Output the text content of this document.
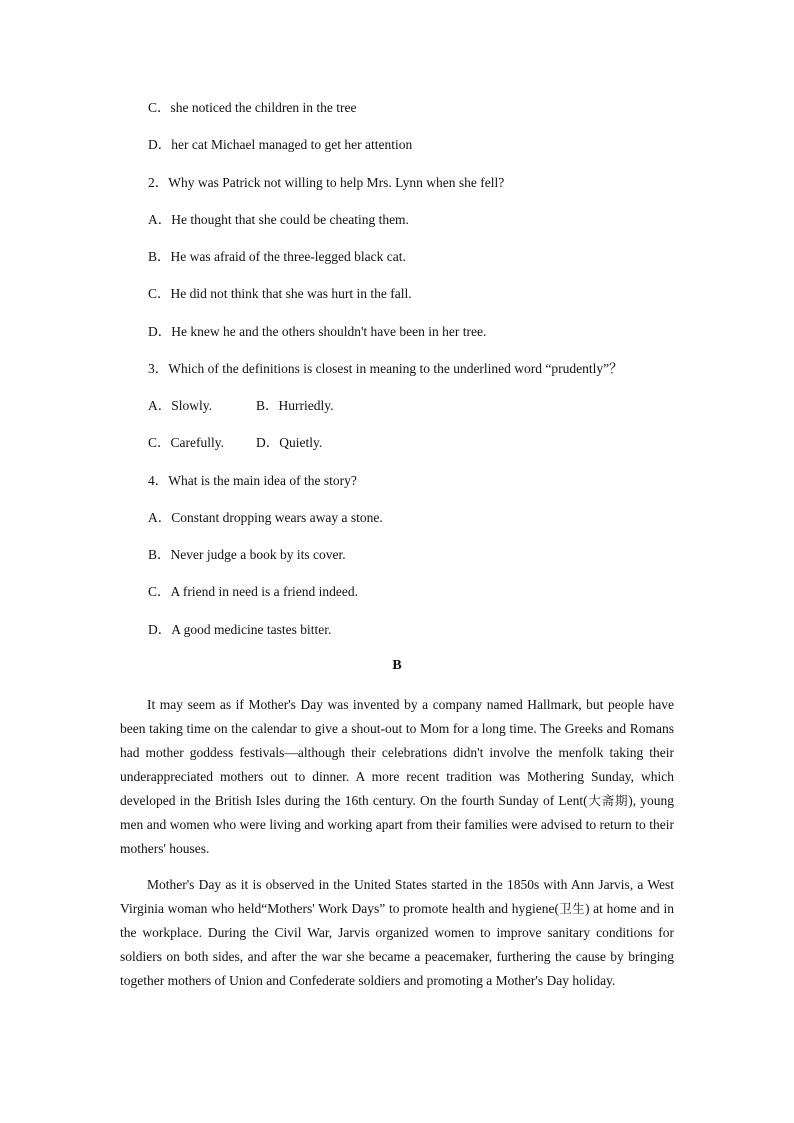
C．she noticed the children in the tree
D．her cat Michael managed to get her attention
2．Why was Patrick not willing to help Mrs. Lynn when she fell?
A．He thought that she could be cheating them.
B．He was afraid of the three-legged black cat.
C．He did not think that she was hurt in the fall.
D．He knew he and the others shouldn't have been in her tree.
3．Which of the definitions is closest in meaning to the underlined word “prudently”？
A．Slowly.	B．Hurriedly.
C．Carefully. D．Quietly.
4．What is the main idea of the story?
A．Constant dropping wears away a stone.
B．Never judge a book by its cover.
C．A friend in need is a friend indeed.
D．A good medicine tastes bitter.
B
It may seem as if Mother's Day was invented by a company named Hallmark, but people have been taking time on the calendar to give a shout-out to Mom for a long time. The Greeks and Romans had mother goddess festivals—although their celebrations didn't involve the menfolk taking their underappreciated mothers out to dinner. A more recent tradition was Mothering Sunday, which developed in the British Isles during the 16th century. On the fourth Sunday of Lent(大斋期), young men and women who were living and working apart from their families were advised to return to their mothers' houses.
Mother's Day as it is observed in the United States started in the 1850s with Ann Jarvis, a West Virginia woman who held“Mothers' Work Days” to promote health and hygiene(卫生) at home and in the workplace. During the Civil War, Jarvis organized women to improve sanitary conditions for soldiers on both sides, and after the war she became a peacemaker, furthering the cause by bringing together mothers of Union and Confederate soldiers and promoting a Mother's Day holiday.
